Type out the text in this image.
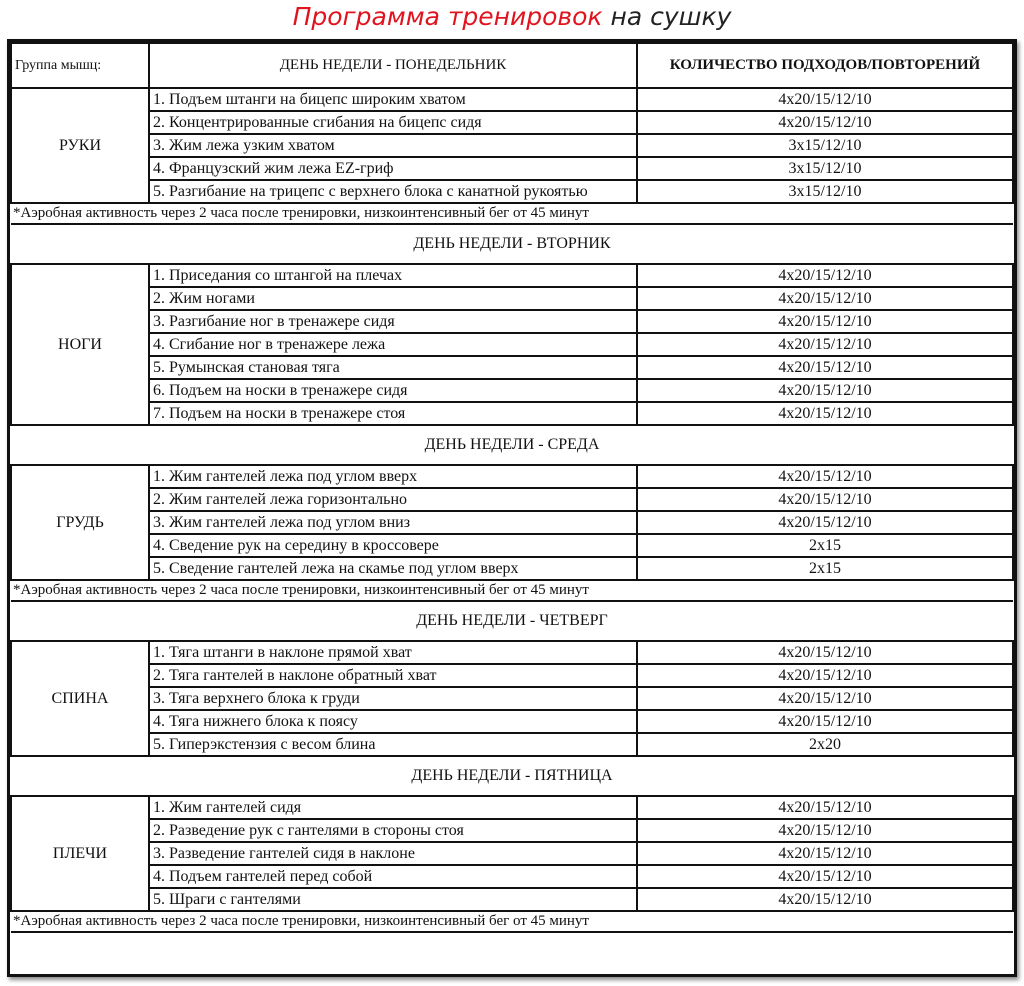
Программа тренировок на сушку
Группа мышц:	ДЕНЬ НЕДЕЛИ - ПОНЕДЕЛЬНИК	КОЛИЧЕСТВО ПОДХОДОВ/ПОВТОРЕНИЙ
РУКИ	1. Подъем штанги на бицепс широким хватом	4x20/15/12/10
	2. Концентрированные сгибания на бицепс сидя	4x20/15/12/10
	3. Жим лежа узким хватом	3x15/12/10
	4. Французский жим лежа EZ-гриф	3x15/12/10
	5. Разгибание на трицепс с верхнего блока с канатной рукоятью	3x15/12/10
*Аэробная активность через 2 часа после тренировки, низкоинтенсивный бег от 45 минут		
ДЕНЬ НЕДЕЛИ - ВТОРНИК		
НОГИ	1. Приседания со штангой на плечах	4x20/15/12/10
	2. Жим ногами	4x20/15/12/10
	3. Разгибание ног в тренажере сидя	4x20/15/12/10
	4. Сгибание ног в тренажере лежа	4x20/15/12/10
	5. Румынская становая тяга	4x20/15/12/10
	6. Подъем на носки в тренажере сидя	4x20/15/12/10
	7. Подъем на носки в тренажере стоя	4x20/15/12/10
ДЕНЬ НЕДЕЛИ - СРЕДА		
ГРУДЬ	1. Жим гантелей лежа под углом вверх	4x20/15/12/10
	2. Жим гантелей лежа горизонтально	4x20/15/12/10
	3. Жим гантелей лежа под углом вниз	4x20/15/12/10
	4. Сведение рук на середину в кроссовере	2x15
	5. Сведение гантелей лежа на скамье под углом вверх	2x15
*Аэробная активность через 2 часа после тренировки, низкоинтенсивный бег от 45 минут		
ДЕНЬ НЕДЕЛИ - ЧЕТВЕРГ		
СПИНА	1. Тяга штанги в наклоне прямой хват	4x20/15/12/10
	2. Тяга гантелей в наклоне обратный хват	4x20/15/12/10
	3. Тяга верхнего блока к груди	4x20/15/12/10
	4. Тяга нижнего блока к поясу	4x20/15/12/10
	5. Гиперэкстензия с весом блина	2x20
ДЕНЬ НЕДЕЛИ - ПЯТНИЦА		
ПЛЕЧИ	1. Жим гантелей сидя	4x20/15/12/10
	2. Разведение рук с гантелями в стороны стоя	4x20/15/12/10
	3. Разведение гантелей сидя в наклоне	4x20/15/12/10
	4. Подъем гантелей перед собой	4x20/15/12/10
	5. Шраги с гантелями	4x20/15/12/10
*Аэробная активность через 2 часа после тренировки, низкоинтенсивный бег от 45 минут		
